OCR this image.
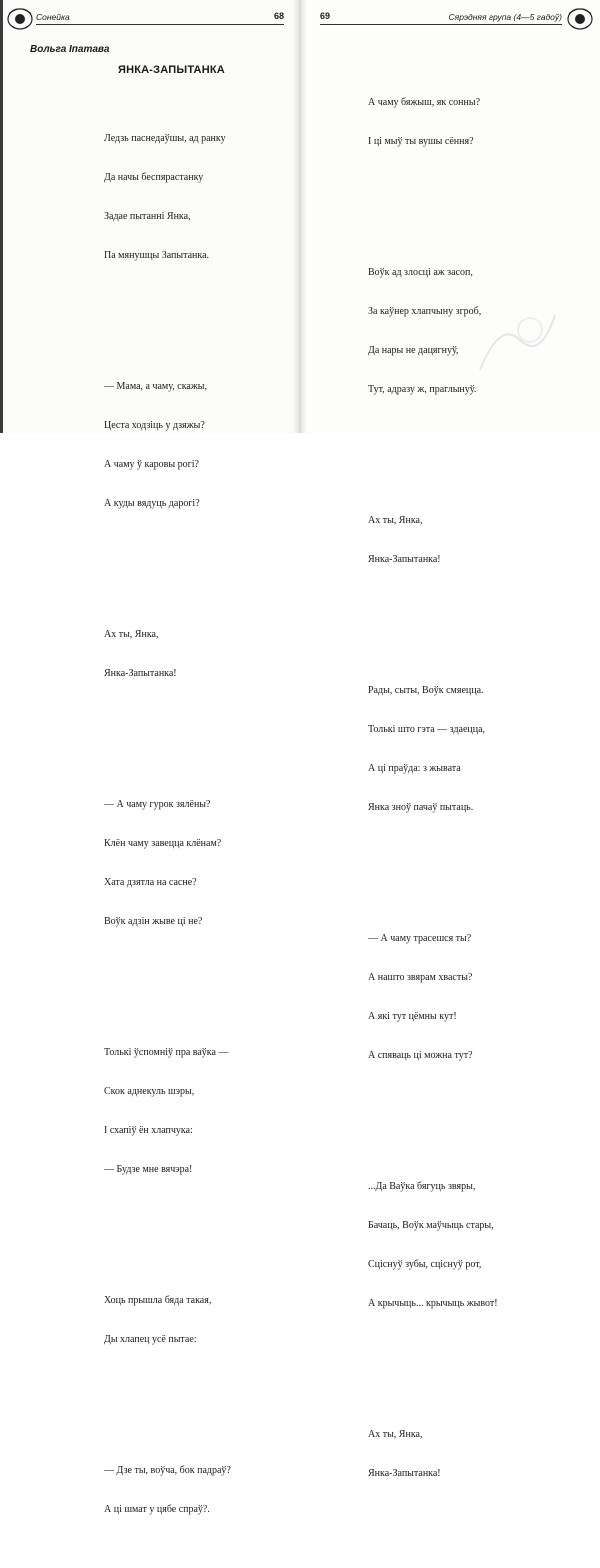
Сонейка	68
Вольга Іпатава
ЯНКА-ЗАПЫТАНКА

Ледзь паснедаўшы, ад ранку

Да начы беспярастанку

Задае пытанні Янка,

Па мянушцы Запытанка.

— Мама, а чаму, скажы,

Цеста ходзіць у дзяжы?

А чаму ў каровы рогі?

А куды вядуць дарогі?

Ах ты, Янка,

Янка-Запытанка!

— А чаму гурок зялёны?

Клён чаму завецца клёнам?

Хата дзятла на сасне?

Воўк адзін жыве ці не?

Толькі ўспомніў пра ваўка —

Скок аднекуль шэры,

І схапіў ён хлапчука:

— Будзе мне вячэра!

Хоць прышла бяда такая,

Ды хлапец усё пытае:

— Дзе ты, воўча, бок падраў?

А ці шмат у цябе спраў?.

69	Сярэдняя група (4—5 гадоў)

А чаму бяжыш, як сонны?

І ці мыў ты вушы сёння?

Воўк ад злосці аж засоп,

За каўнер хлапчыну згроб,

Да нары не дацягнуў,

Тут, адразу ж, праглынуў.

Ах ты, Янка,

Янка-Запытанка!

Рады, сыты, Воўк смяецца.

Толькі што гэта — здаецца,

А ці праўда: з жывата

Янка зноў пачаў пытаць.

— А чаму трасешся ты?

А нашто звярам хвасты?

А які тут цёмны кут!

А спяваць ці можна тут?

...Да Ваўка бягуць звяры,

Бачаць, Воўк маўчыць стары,

Сціснуў зубы, сціснуў рот,

А крычыць... крычыць жывот!

Ах ты, Янка,

Янка-Запытанка!
